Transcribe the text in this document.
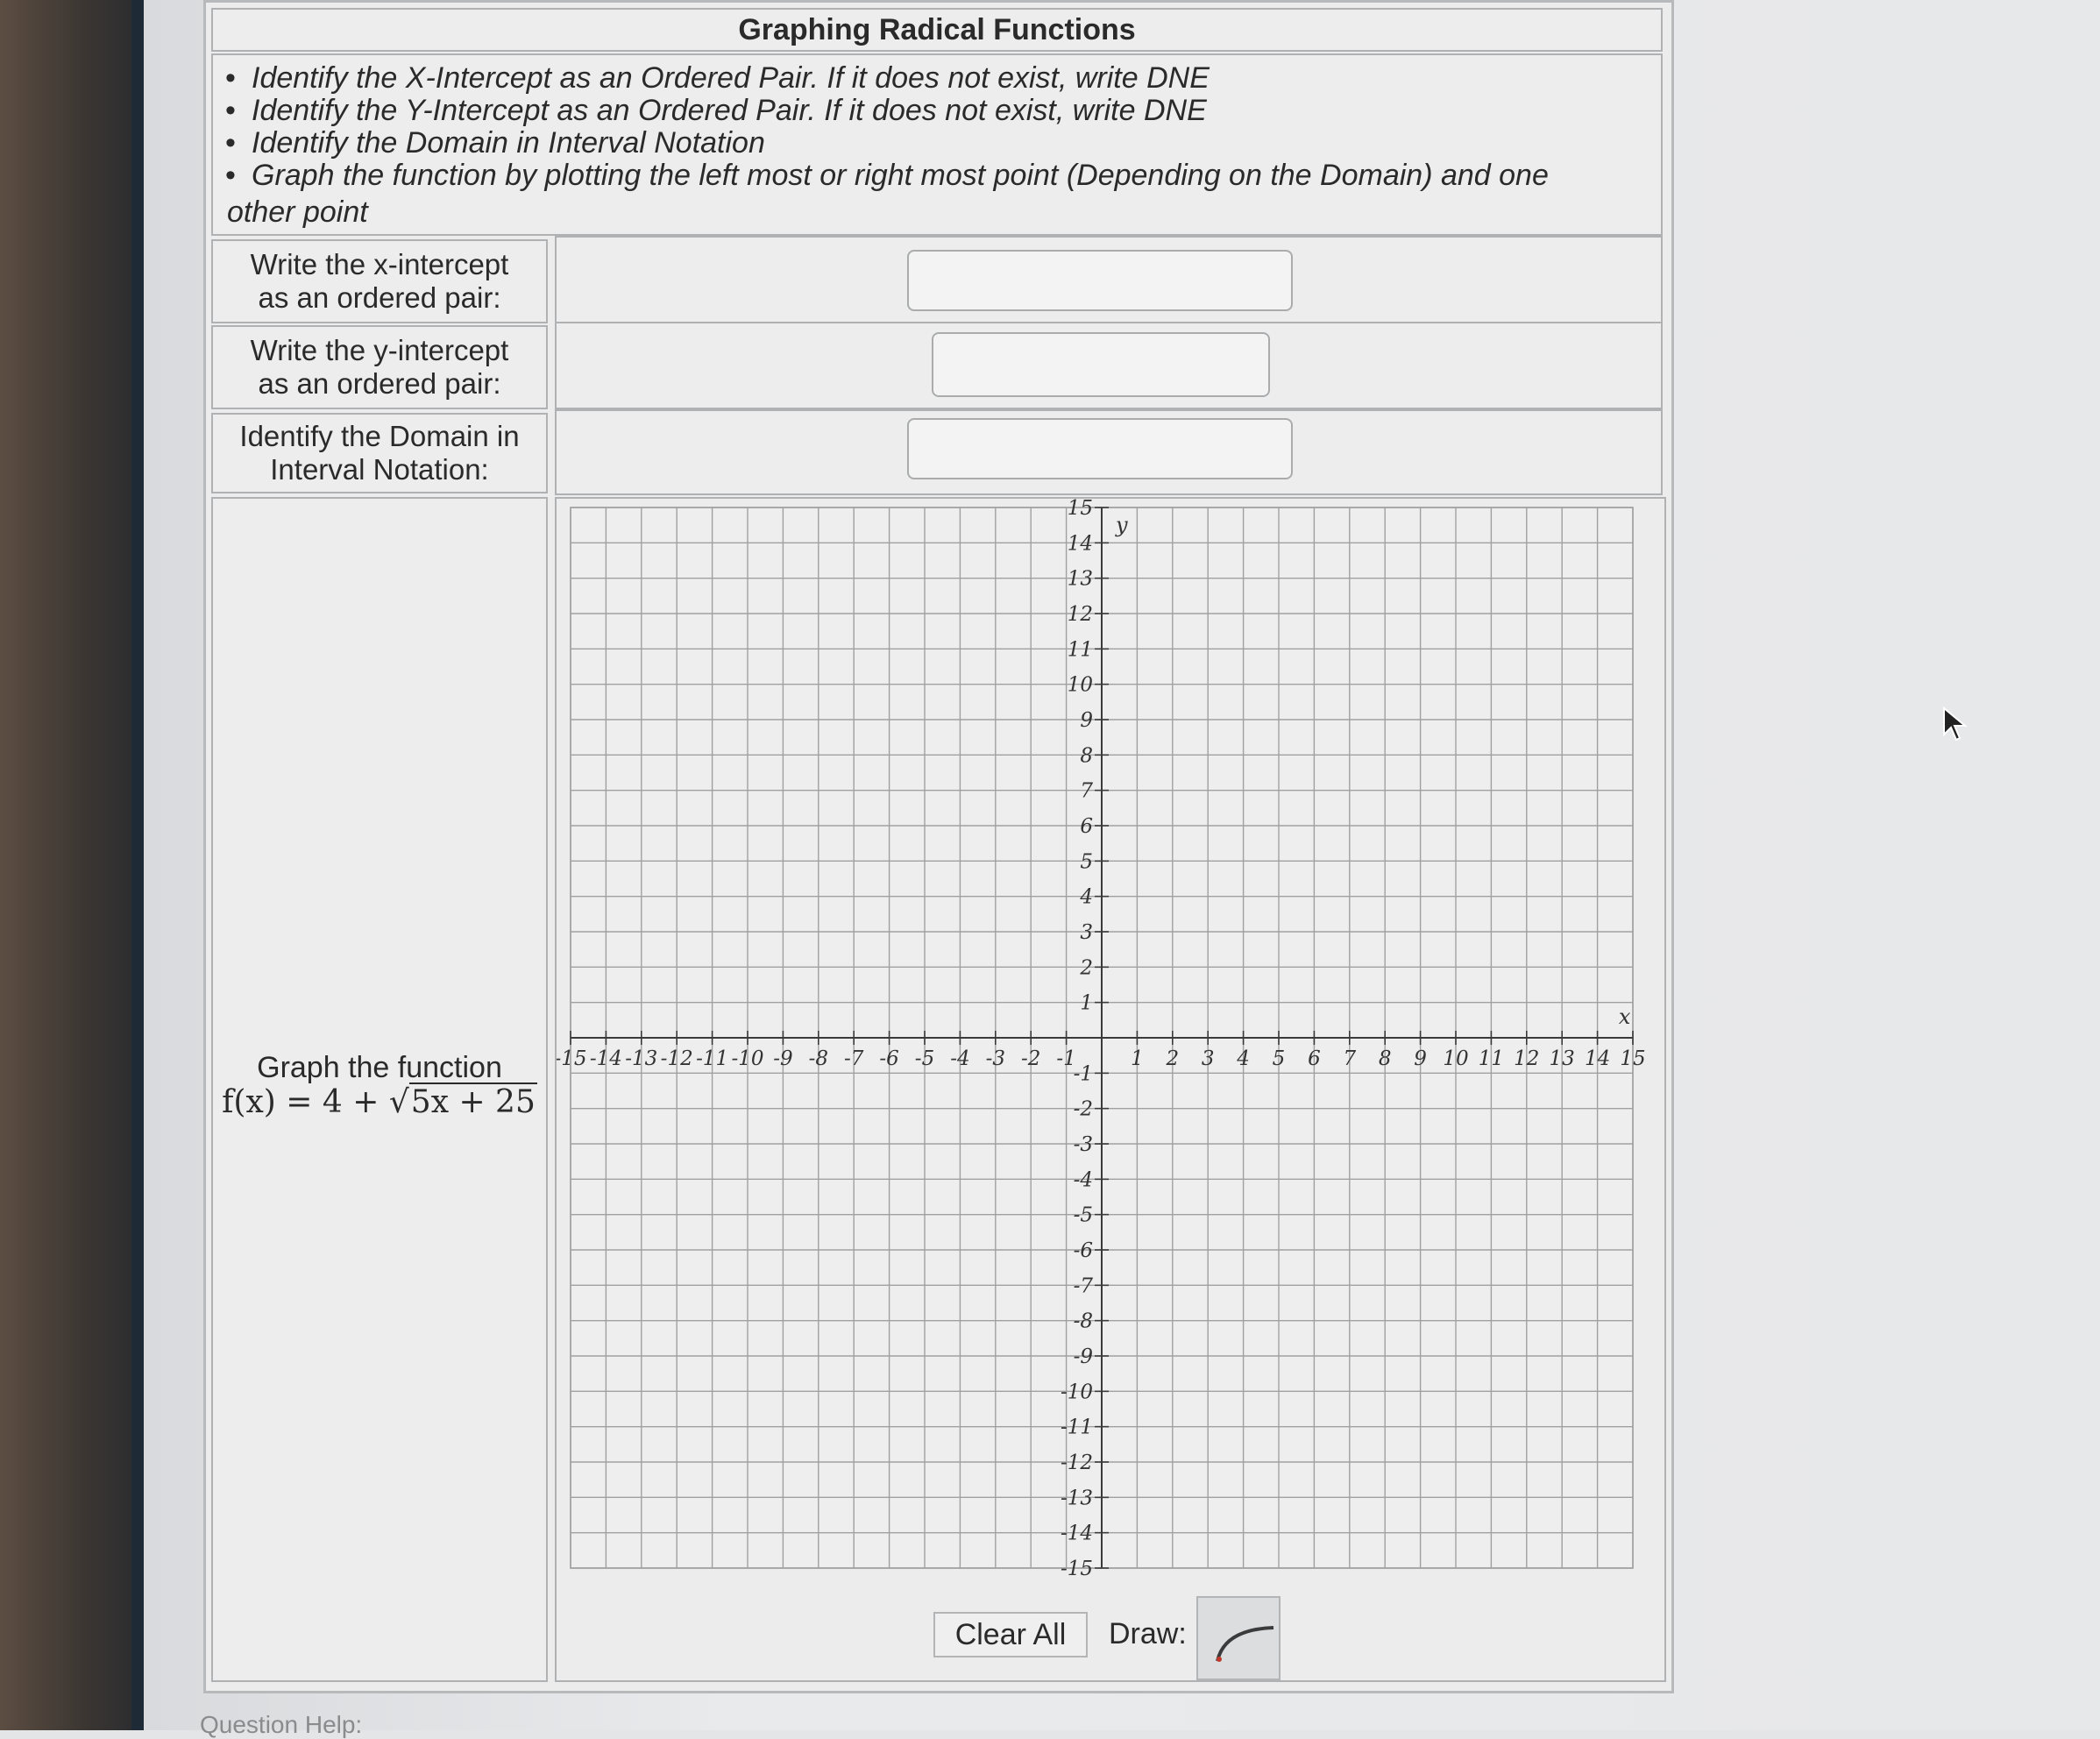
Graphing Radical Functions
• Identify the X-Intercept as an Ordered Pair. If it does not exist, write DNE
• Identify the Y-Intercept as an Ordered Pair. If it does not exist, write DNE
• Identify the Domain in Interval Notation
• Graph the function by plotting the left most or right most point (Depending on the Domain) and one
other point
Write the x-intercept
as an ordered pair:
Write the y-intercept
as an ordered pair:
Identify the Domain in
Interval Notation:
Graph the function
f(x) = 4 + √5x + 25
‑15 ‑14 ‑13 ‑12 ‑11 ‑10 ‑9 ‑8 ‑7 ‑6 ‑5 ‑4 ‑3 ‑2 ‑1	1 2 3 4 5 6 7 8 9 10 11 12 13 14 15
15
14
13
12
11
10
9
8
7
6
5
4
3
2
1
‑1
‑2
‑3
‑4
‑5
‑6
‑7
‑8
‑9
‑10
‑11
‑12
‑13
‑14
‑15
x
y
Clear All	Draw:
Question Help:
